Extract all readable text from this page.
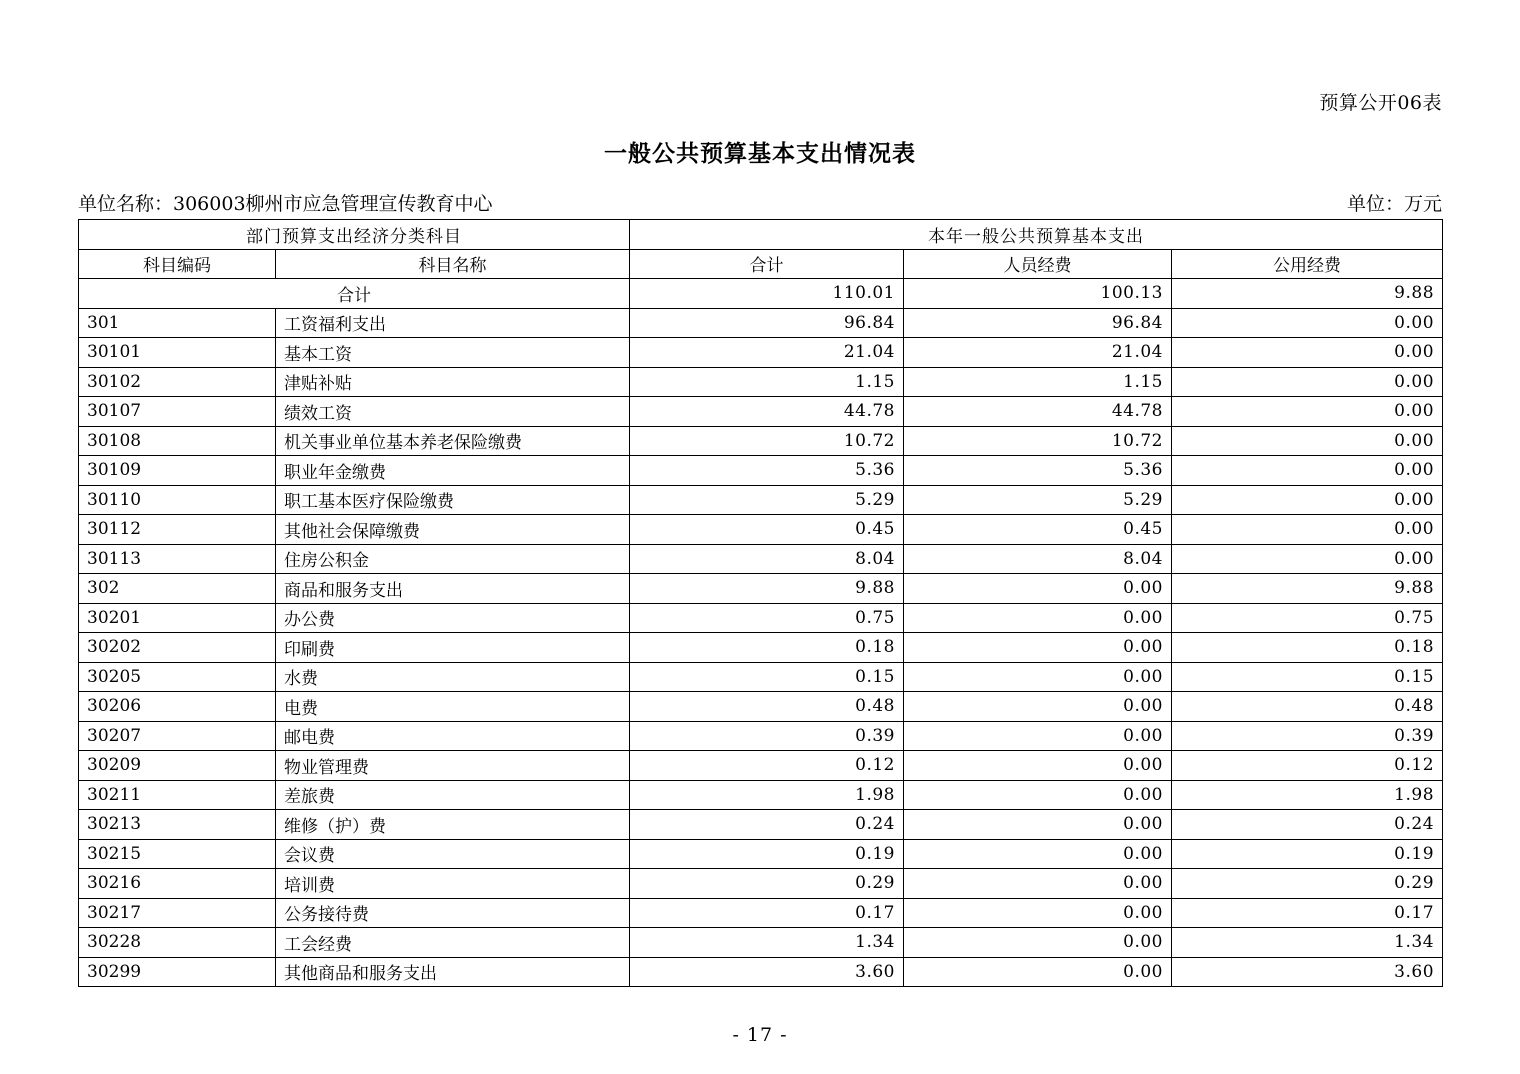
预算公开06表
一般公共预算基本支出情况表
单位名称：306003柳州市应急管理宣传教育中心	单位：万元
部门预算支出经济分类科目		本年一般公共预算基本支出		
科目编码	科目名称	合计	人员经费	公用经费
合计		110.01	100.13	9.88
301	工资福利支出	96.84	96.84	0.00
30101	基本工资	21.04	21.04	0.00
30102	津贴补贴	1.15	1.15	0.00
30107	绩效工资	44.78	44.78	0.00
30108	机关事业单位基本养老保险缴费	10.72	10.72	0.00
30109	职业年金缴费	5.36	5.36	0.00
30110	职工基本医疗保险缴费	5.29	5.29	0.00
30112	其他社会保障缴费	0.45	0.45	0.00
30113	住房公积金	8.04	8.04	0.00
302	商品和服务支出	9.88	0.00	9.88
30201	办公费	0.75	0.00	0.75
30202	印刷费	0.18	0.00	0.18
30205	水费	0.15	0.00	0.15
30206	电费	0.48	0.00	0.48
30207	邮电费	0.39	0.00	0.39
30209	物业管理费	0.12	0.00	0.12
30211	差旅费	1.98	0.00	1.98
30213	维修（护）费	0.24	0.00	0.24
30215	会议费	0.19	0.00	0.19
30216	培训费	0.29	0.00	0.29
30217	公务接待费	0.17	0.00	0.17
30228	工会经费	1.34	0.00	1.34
30299	其他商品和服务支出	3.60	0.00	3.60
- 17 -
